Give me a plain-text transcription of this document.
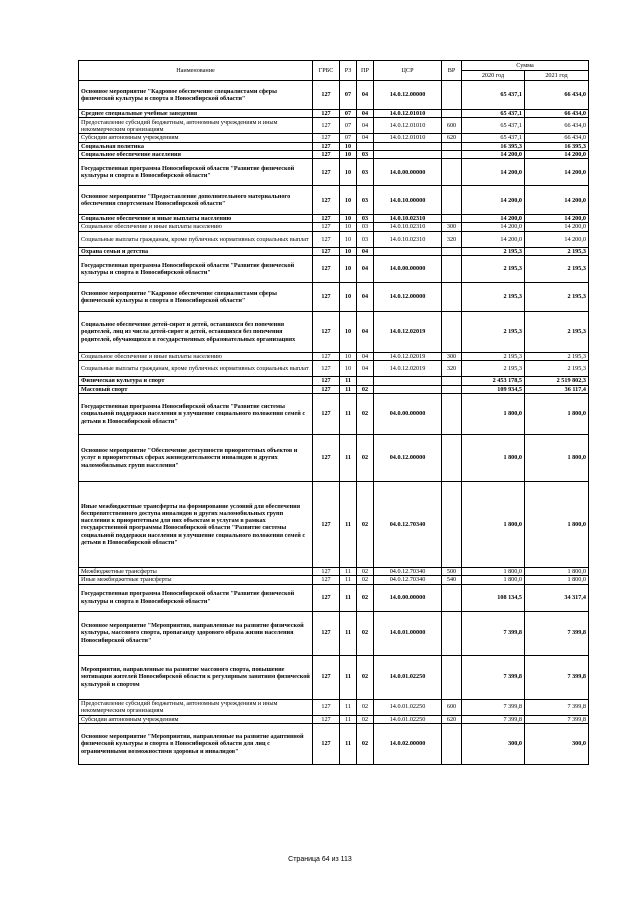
Наименование	ГРБС	РЗ	ПР	ЦСР	ВР	Сумма	
						2020 год	2021 год
Основное мероприятие "Кадровое обеспечение специалистами сферы физической культуры и спорта в Новосибирской области"	127	07	04	14.0.12.00000		65 437,1	66 434,0
Среднее специальные учебные заведения	127	07	04	14.0.12.01010		65 437,1	66 434,0
Предоставление субсидий бюджетным, автономным учреждениям и иным некоммерческим организациям	127	07	04	14.0.12.01010	600	65 437,1	66 434,0
Субсидии автономным учреждениям	127	07	04	14.0.12.01010	620	65 437,1	66 434,0
Социальная политика	127	10				16 395,3	16 395,3
Социальное обеспечение населения	127	10	03			14 200,0	14 200,0
Государственная программа Новосибирской области "Развитие физической культуры и спорта в Новосибирской области"	127	10	03	14.0.00.00000		14 200,0	14 200,0
Основное мероприятие "Предоставление дополнительного материального обеспечения спортсменам Новосибирской области"	127	10	03	14.0.10.00000		14 200,0	14 200,0
Социальное обеспечение и иные выплаты населению	127	10	03	14.0.10.02310		14 200,0	14 200,0
Социальное обеспечение и иные выплаты населению	127	10	03	14.0.10.02310	300	14 200,0	14 200,0
Социальные выплаты гражданам, кроме публичных нормативных социальных выплат	127	10	03	14.0.10.02310	320	14 200,0	14 200,0
Охрана семьи и детства	127	10	04			2 195,3	2 195,3
Государственная программа Новосибирской области "Развитие физической культуры и спорта в Новосибирской области"	127	10	04	14.0.00.00000		2 195,3	2 195,3
Основное мероприятие "Кадровое обеспечение специалистами сферы физической культуры и спорта в Новосибирской области"	127	10	04	14.0.12.00000		2 195,3	2 195,3
Социальное обеспечение детей-сирот и детей, оставшихся без попечения родителей, лиц из числа детей-сирот и детей, оставшихся без попечения родителей, обучающихся в государственных образовательных организациях	127	10	04	14.0.12.02019		2 195,3	2 195,3
Социальное обеспечение и иные выплаты населению	127	10	04	14.0.12.02019	300	2 195,3	2 195,3
Социальные выплаты гражданам, кроме публичных нормативных социальных выплат	127	10	04	14.0.12.02019	320	2 195,3	2 195,3
Физическая культура и спорт	127	11				2 453 178,5	2 519 802,3
Массовый спорт	127	11	02			109 934,5	36 117,4
Государственная программа Новосибирской области "Развитие системы социальной поддержки населения и улучшение социального положения семей с детьми в Новосибирской области"	127	11	02	04.0.00.00000		1 800,0	1 800,0
Основное мероприятие "Обеспечение доступности приоритетных объектов и услуг в приоритетных сферах жизнедеятельности инвалидов и других маломобильных групп населения"	127	11	02	04.0.12.00000		1 800,0	1 800,0
Иные межбюджетные трансферты на формирование условий для обеспечения беспрепятственного доступа инвалидов и других маломобильных групп населения к приоритетным для них объектам и услугам в рамках государственной программы Новосибирской области "Развитие системы социальной поддержки населения и улучшение социального положения семей с детьми в Новосибирской области"	127	11	02	04.0.12.70340		1 800,0	1 800,0
Межбюджетные трансферты	127	11	02	04.0.12.70340	500	1 800,0	1 800,0
Иные межбюджетные трансферты	127	11	02	04.0.12.70340	540	1 800,0	1 800,0
Государственная программа Новосибирской области "Развитие физической культуры и спорта в Новосибирской области"	127	11	02	14.0.00.00000		108 134,5	34 317,4
Основное мероприятие "Мероприятия, направленные на развитие физической культуры, массового спорта, пропаганду здорового образа жизни населения Новосибирской области"	127	11	02	14.0.01.00000		7 399,8	7 399,8
Мероприятия, направленные на развитие массового спорта, повышение мотивации жителей Новосибирской области к регулярным занятиям физической культурой и спортом	127	11	02	14.0.01.02250		7 399,8	7 399,8
Предоставление субсидий бюджетным, автономным учреждениям и иным некоммерческим организациям	127	11	02	14.0.01.02250	600	7 399,8	7 399,8
Субсидии автономным учреждениям	127	11	02	14.0.01.02250	620	7 399,8	7 399,8
Основное мероприятие "Мероприятия, направленные на развитие адаптивной физической культуры и спорта в Новосибирской области для лиц с ограниченными возможностями здоровья и инвалидов"	127	11	02	14.0.02.00000		300,0	300,0
Страница 64 из 113
